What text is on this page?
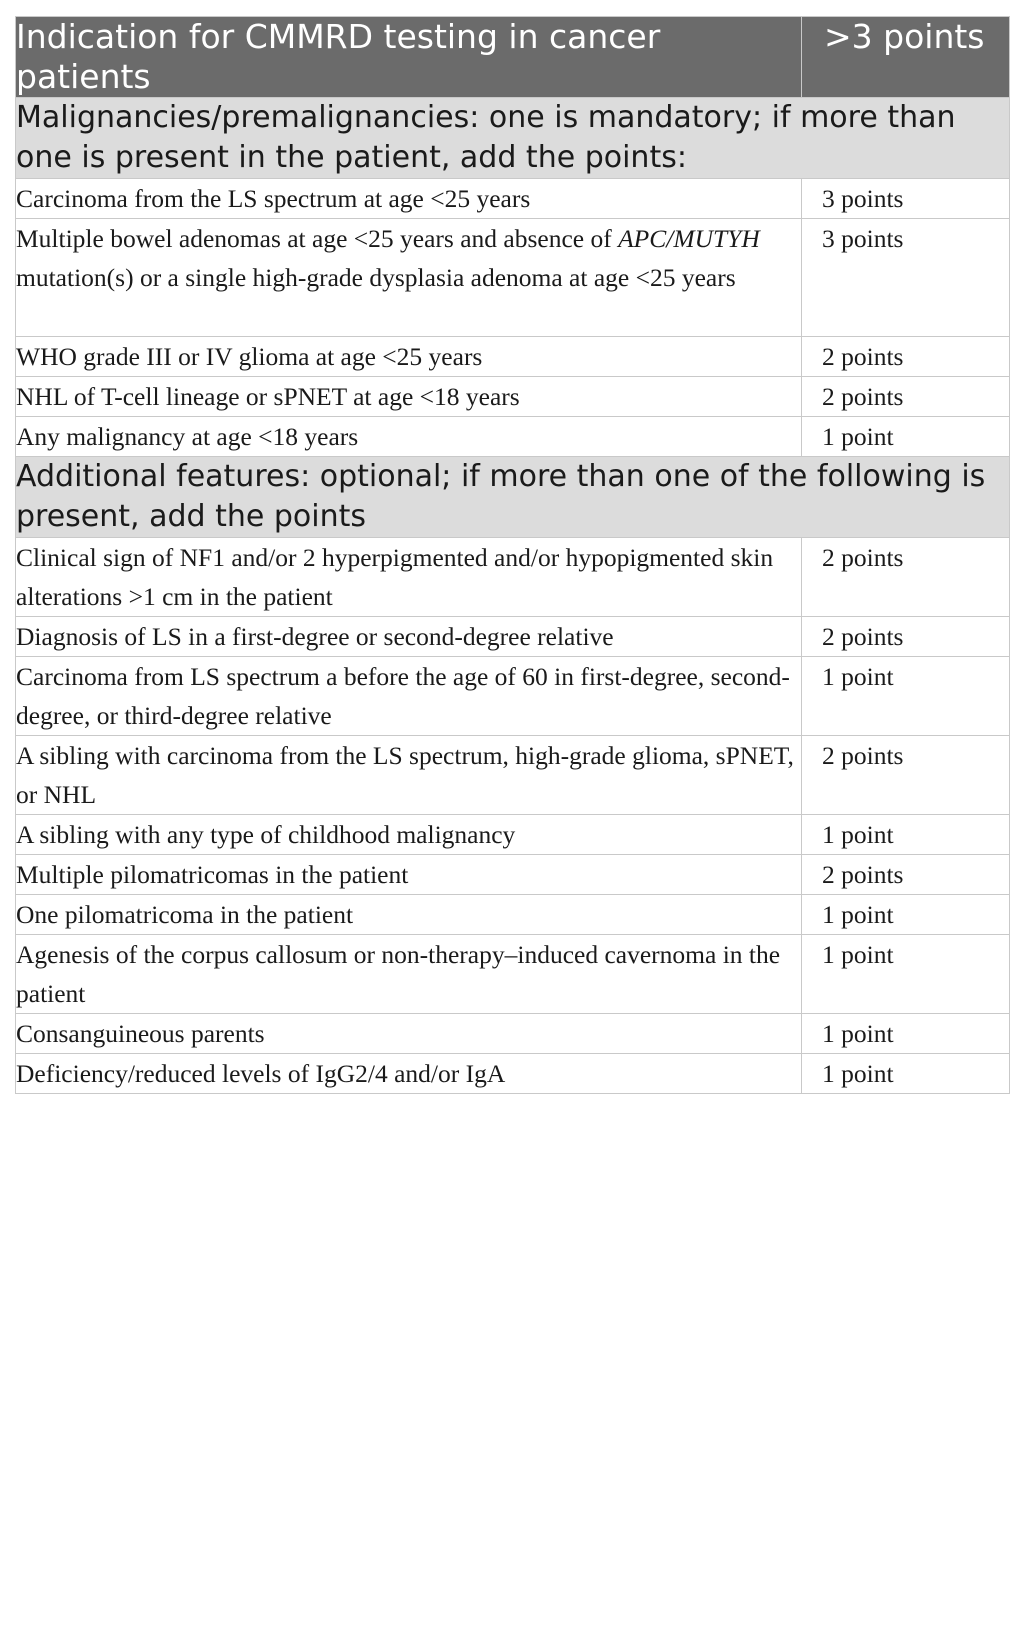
Indication for CMMRD testing in cancer patients	>3 points
Malignancies/premalignancies: one is mandatory; if more than one is present in the patient, add the points:	
Carcinoma from the LS spectrum at age <25 years	3 points
Multiple bowel adenomas at age <25 years and absence of APC/MUTYH mutation(s) or a single high-grade dysplasia adenoma at age <25 years	3 points
WHO grade III or IV glioma at age <25 years	2 points
NHL of T-cell lineage or sPNET at age <18 years	2 points
Any malignancy at age <18 years	1 point
Additional features: optional; if more than one of the following is present, add the points	
Clinical sign of NF1 and/or 2 hyperpigmented and/or hypopigmented skin alterations >1 cm in the patient	2 points
Diagnosis of LS in a first-degree or second-degree relative	2 points
Carcinoma from LS spectrum a before the age of 60 in first-degree, second-degree, or third-degree relative	1 point
A sibling with carcinoma from the LS spectrum, high-grade glioma, sPNET, or NHL	2 points
A sibling with any type of childhood malignancy	1 point
Multiple pilomatricomas in the patient	2 points
One pilomatricoma in the patient	1 point
Agenesis of the corpus callosum or non-therapy–induced cavernoma in the patient	1 point
Consanguineous parents	1 point
Deficiency/reduced levels of IgG2/4 and/or IgA	1 point
